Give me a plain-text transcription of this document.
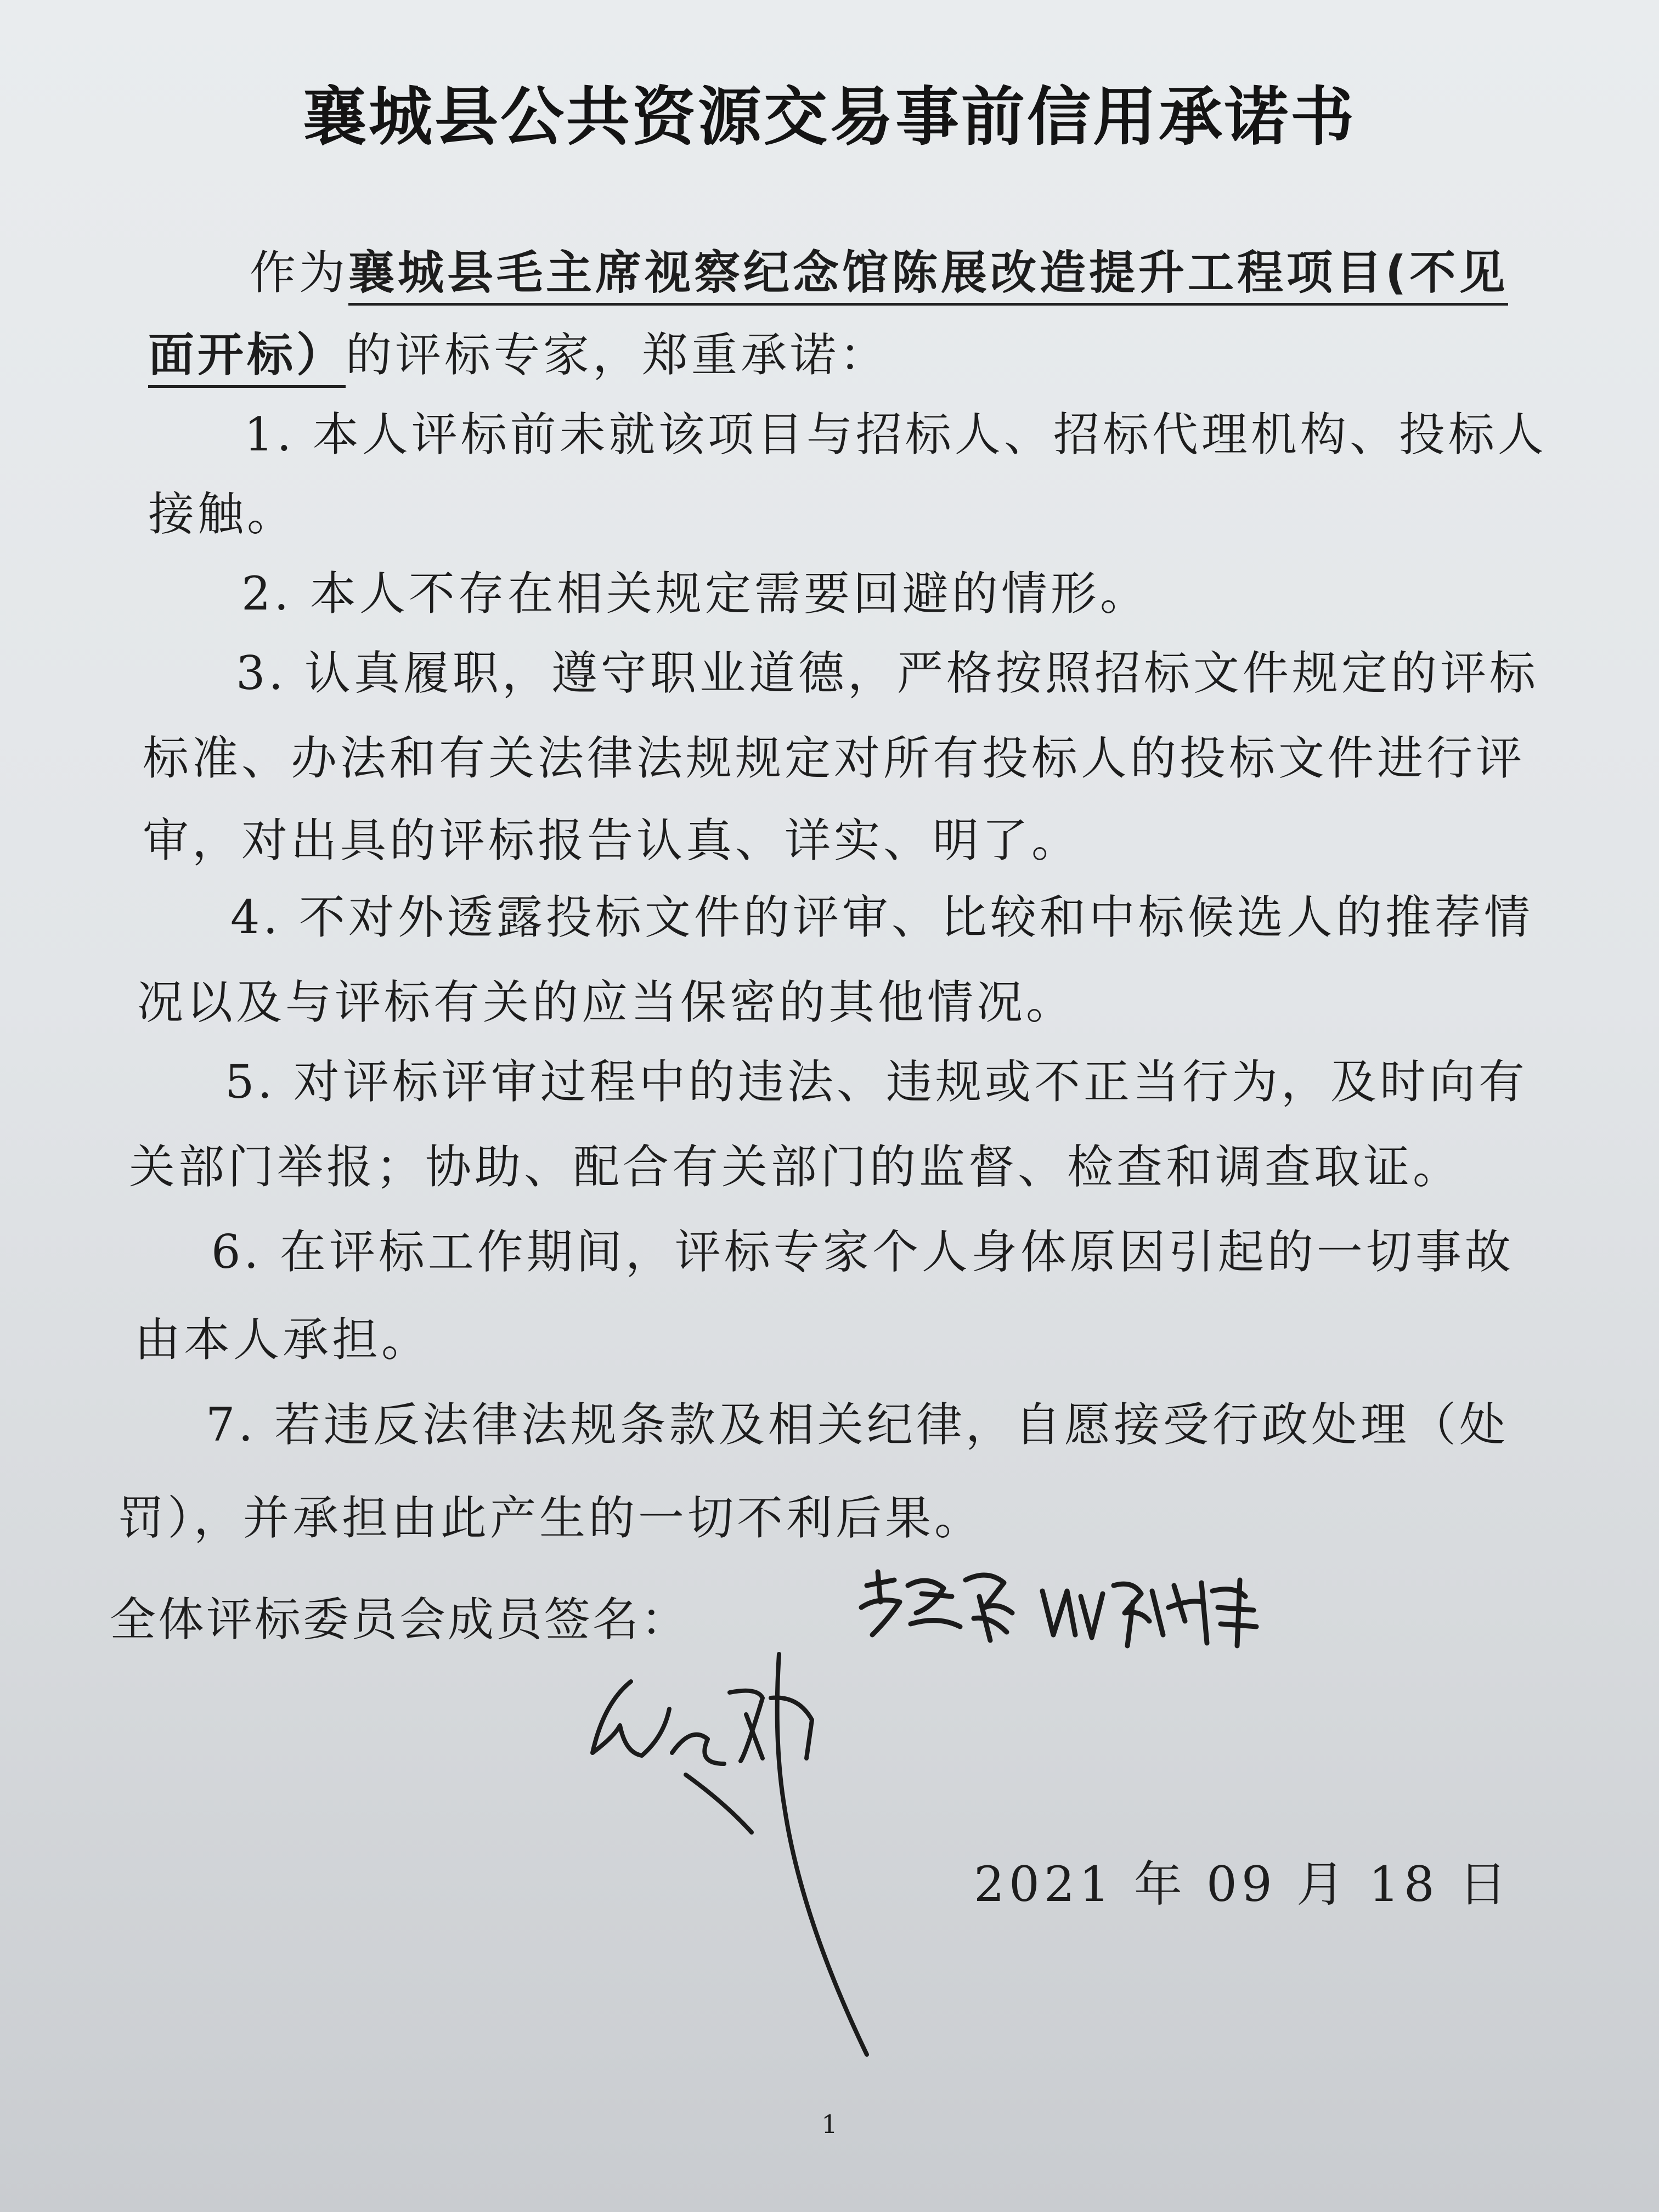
襄城县公共资源交易事前信用承诺书
作为襄城县毛主席视察纪念馆陈展改造提升工程项目(不见
面开标）的评标专家，郑重承诺：
1. 本人评标前未就该项目与招标人、招标代理机构、投标人
接触。
2. 本人不存在相关规定需要回避的情形。
3. 认真履职，遵守职业道德，严格按照招标文件规定的评标
标准、办法和有关法律法规规定对所有投标人的投标文件进行评
审，对出具的评标报告认真、详实、明了。
4. 不对外透露投标文件的评审、比较和中标候选人的推荐情
况以及与评标有关的应当保密的其他情况。
5. 对评标评审过程中的违法、违规或不正当行为，及时向有
关部门举报；协助、配合有关部门的监督、检查和调查取证。
6. 在评标工作期间，评标专家个人身体原因引起的一切事故
由本人承担。
7. 若违反法律法规条款及相关纪律，自愿接受行政处理（处
罚），并承担由此产生的一切不利后果。
全体评标委员会成员签名：
2021 年 09 月 18 日
1
